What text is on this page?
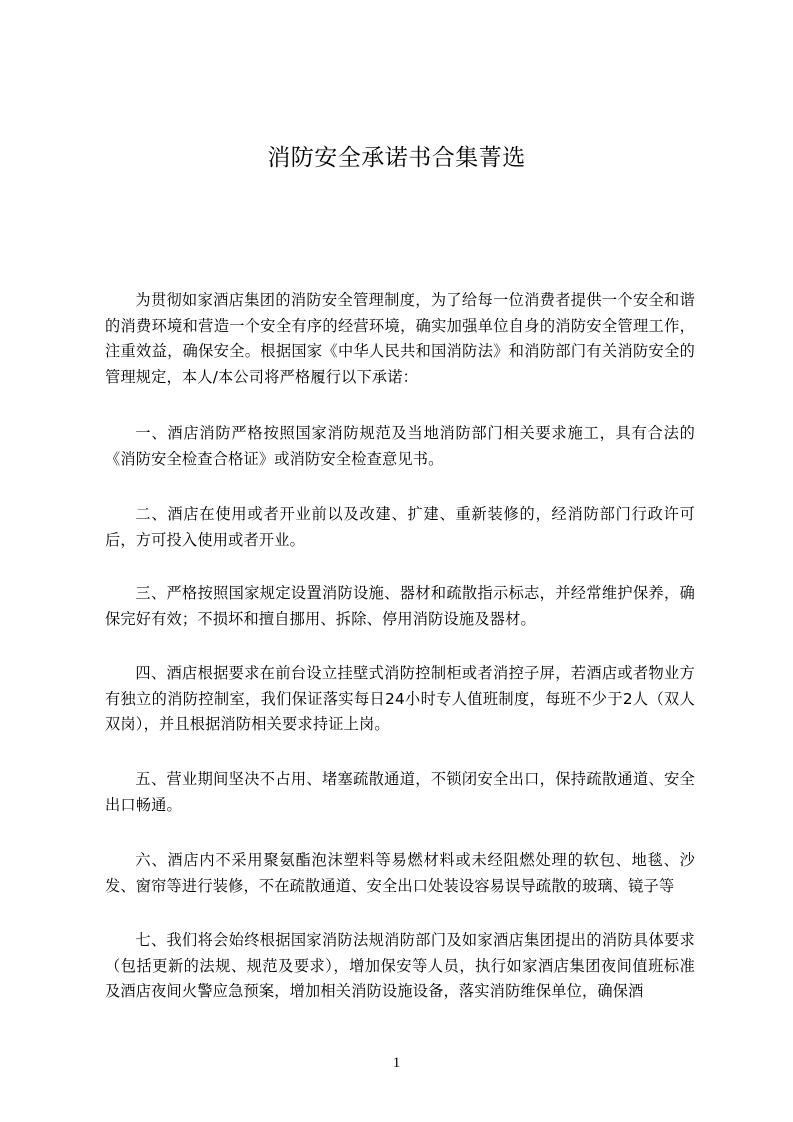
消防安全承诺书合集菁选
为贯彻如家酒店集团的消防安全管理制度，为了给每一位消费者提供一个安全和谐的消费环境和营造一个安全有序的经营环境，确实加强单位自身的消防安全管理工作，注重效益，确保安全。根据国家《中华人民共和国消防法》和消防部门有关消防安全的管理规定，本人/本公司将严格履行以下承诺：
一、酒店消防严格按照国家消防规范及当地消防部门相关要求施工，具有合法的《消防安全检查合格证》或消防安全检查意见书。
二、酒店在使用或者开业前以及改建、扩建、重新装修的，经消防部门行政许可后，方可投入使用或者开业。
三、严格按照国家规定设置消防设施、器材和疏散指示标志，并经常维护保养，确保完好有效；不损坏和擅自挪用、拆除、停用消防设施及器材。
四、酒店根据要求在前台设立挂壁式消防控制柜或者消控子屏，若酒店或者物业方有独立的消防控制室，我们保证落实每日24小时专人值班制度，每班不少于2人（双人双岗），并且根据消防相关要求持证上岗。
五、营业期间坚决不占用、堵塞疏散通道，不锁闭安全出口，保持疏散通道、安全出口畅通。
六、酒店内不采用聚氨酯泡沫塑料等易燃材料或未经阻燃处理的软包、地毯、沙发、窗帘等进行装修，不在疏散通道、安全出口处装设容易误导疏散的玻璃、镜子等
七、我们将会始终根据国家消防法规消防部门及如家酒店集团提出的消防具体要求（包括更新的法规、规范及要求），增加保安等人员，执行如家酒店集团夜间值班标准及酒店夜间火警应急预案，增加相关消防设施设备，落实消防维保单位，确保酒
1
